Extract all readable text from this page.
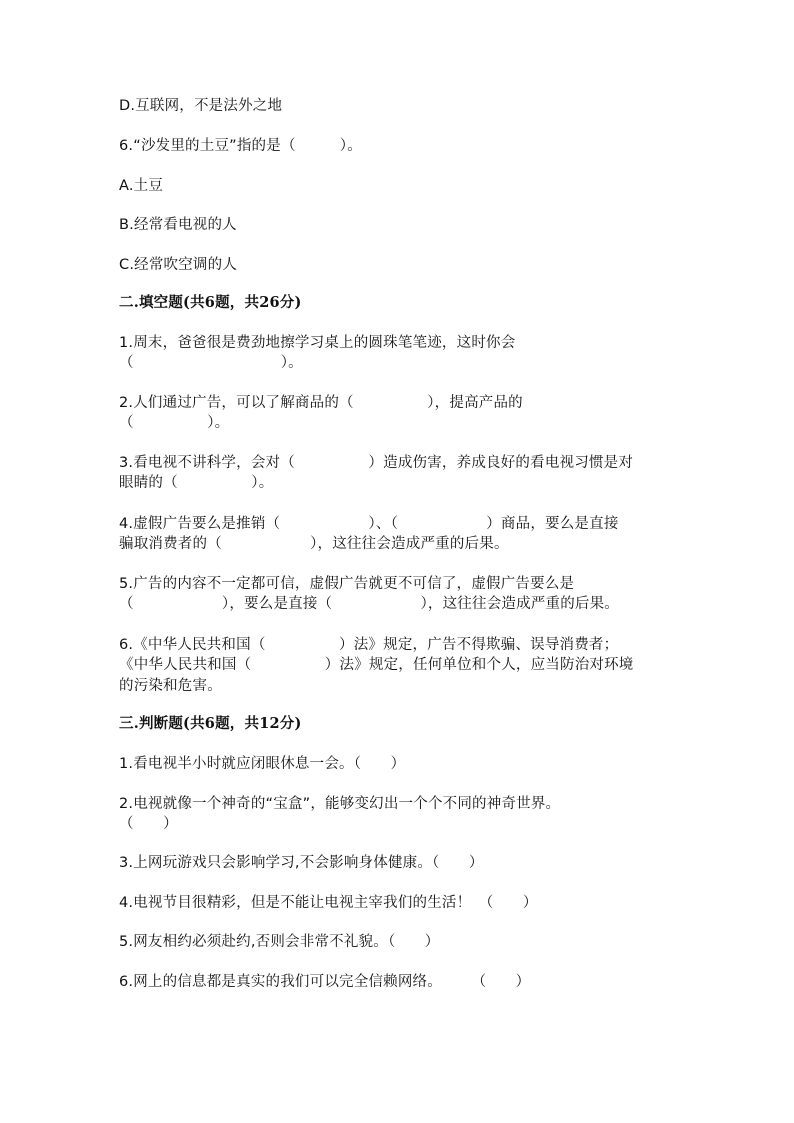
D.互联网，不是法外之地
6.“沙发里的土豆”指的是（　　　）。
A.土豆
B.经常看电视的人
C.经常吹空调的人
二.填空题(共6题，共26分)
1.周末，爸爸很是费劲地擦学习桌上的圆珠笔笔迹，这时你会
（　　　　　　　　　　）。
2.人们通过广告，可以了解商品的（　　　　　），提高产品的
（　　　　　）。
3.看电视不讲科学，会对（　　　　　）造成伤害，养成良好的看电视习惯是对
眼睛的（　　　　　）。
4.虚假广告要么是推销（　　　　　　）、（　　　　　　）商品，要么是直接
骗取消费者的（　　　　　　），这往往会造成严重的后果。
5.广告的内容不一定都可信，虚假广告就更不可信了，虚假广告要么是
（　　　　　　），要么是直接（　　　　　　），这往往会造成严重的后果。
6.《中华人民共和国（　　　　　）法》规定，广告不得欺骗、误导消费者；
《中华人民共和国（　　　　　）法》规定，任何单位和个人，应当防治对环境
的污染和危害。
三.判断题(共6题，共12分)
1.看电视半小时就应闭眼休息一会。（　　）
2.电视就像一个神奇的“宝盒”，能够变幻出一个个不同的神奇世界。
（　　）
3.上网玩游戏只会影响学习,不会影响身体健康。（　　）
4.电视节目很精彩，但是不能让电视主宰我们的生活！　（　　）
5.网友相约必须赴约,否则会非常不礼貌。（　　）
6.网上的信息都是真实的我们可以完全信赖网络。　　　（　　）
